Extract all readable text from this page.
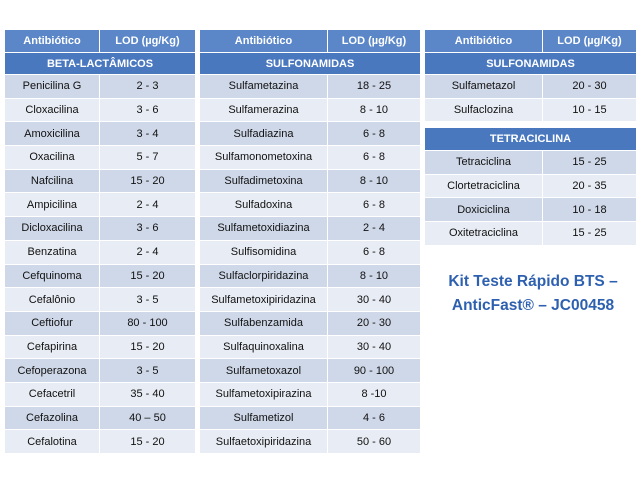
Antibiótico	LOD (µg/Kg)
BETA-LACTÂMICOS
Penicilina G	2 - 3
Cloxacilina	3 - 6
Amoxicilina	3 - 4
Oxacilina	5 - 7
Nafcilina	15 - 20
Ampicilina	2 - 4
Dicloxacilina	3 - 6
Benzatina	2 - 4
Cefquinoma	15 - 20
Cefalônio	3 - 5
Ceftiofur	80 - 100
Cefapirina	15 - 20
Cefoperazona	3 - 5
Cefacetril	35 - 40
Cefazolina	40 – 50
Cefalotina	15 - 20
Antibiótico	LOD (µg/Kg)
SULFONAMIDAS
Sulfametazina	18 - 25
Sulfamerazina	8 - 10
Sulfadiazina	6 - 8
Sulfamonometoxina	6 - 8
Sulfadimetoxina	8 - 10
Sulfadoxina	6 - 8
Sulfametoxidiazina	2 - 4
Sulfisomidina	6 - 8
Sulfaclorpiridazina	8 - 10
Sulfametoxipiridazina	30 - 40
Sulfabenzamida	20 - 30
Sulfaquinoxalina	30 - 40
Sulfametoxazol	90 - 100
Sulfametoxipirazina	8 -10
Sulfametizol	4 - 6
Sulfaetoxipiridazina	50 - 60
Antibiótico	LOD (µg/Kg)
SULFONAMIDAS
Sulfametazol	20 - 30
Sulfaclozina	10 - 15
TETRACICLINA
Tetraciclina	15 - 25
Clortetraciclina	20 - 35
Doxiciclina	10 - 18
Oxitetraciclina	15 - 25
Kit Teste Rápido BTS –
AnticFast® – JC00458
